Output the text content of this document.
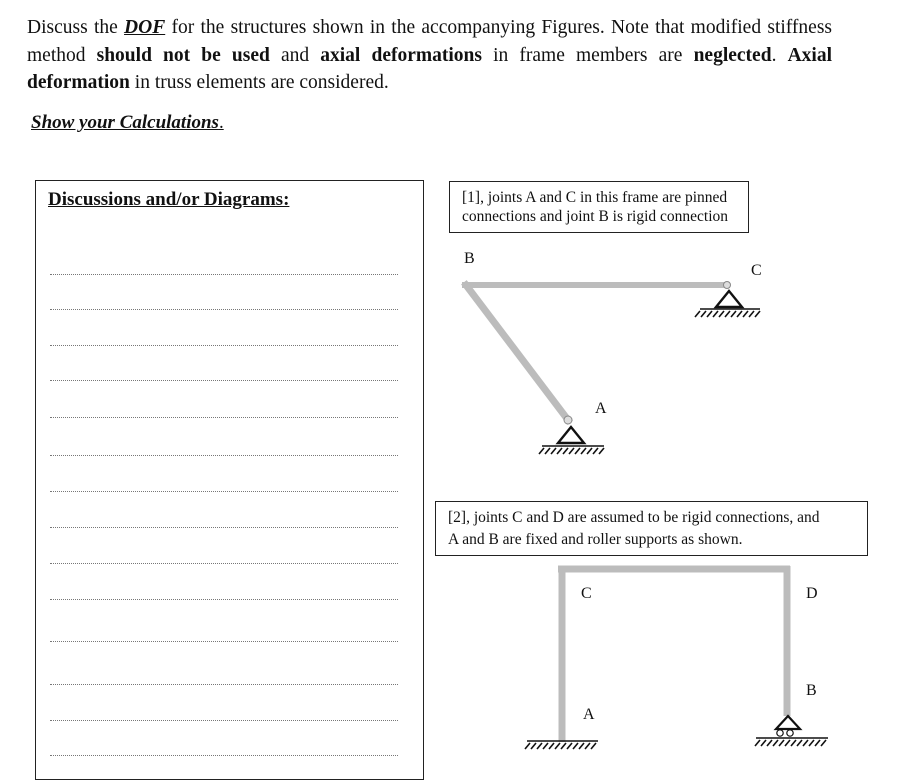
Discuss the DOF for the structures shown in the accompanying Figures. Note that modified stiffness method should not be used and axial deformations in frame members are neglected. Axial deformation in truss elements are considered.

Show your Calculations.
Discussions and/or Diagrams:	[1], joints A and C in this frame are pinned
connections and joint B is rigid connection
[2], joints C and D are assumed to be rigid connections, and
A and B are fixed and roller supports as shown.
B
C
A
C	D
B
A
